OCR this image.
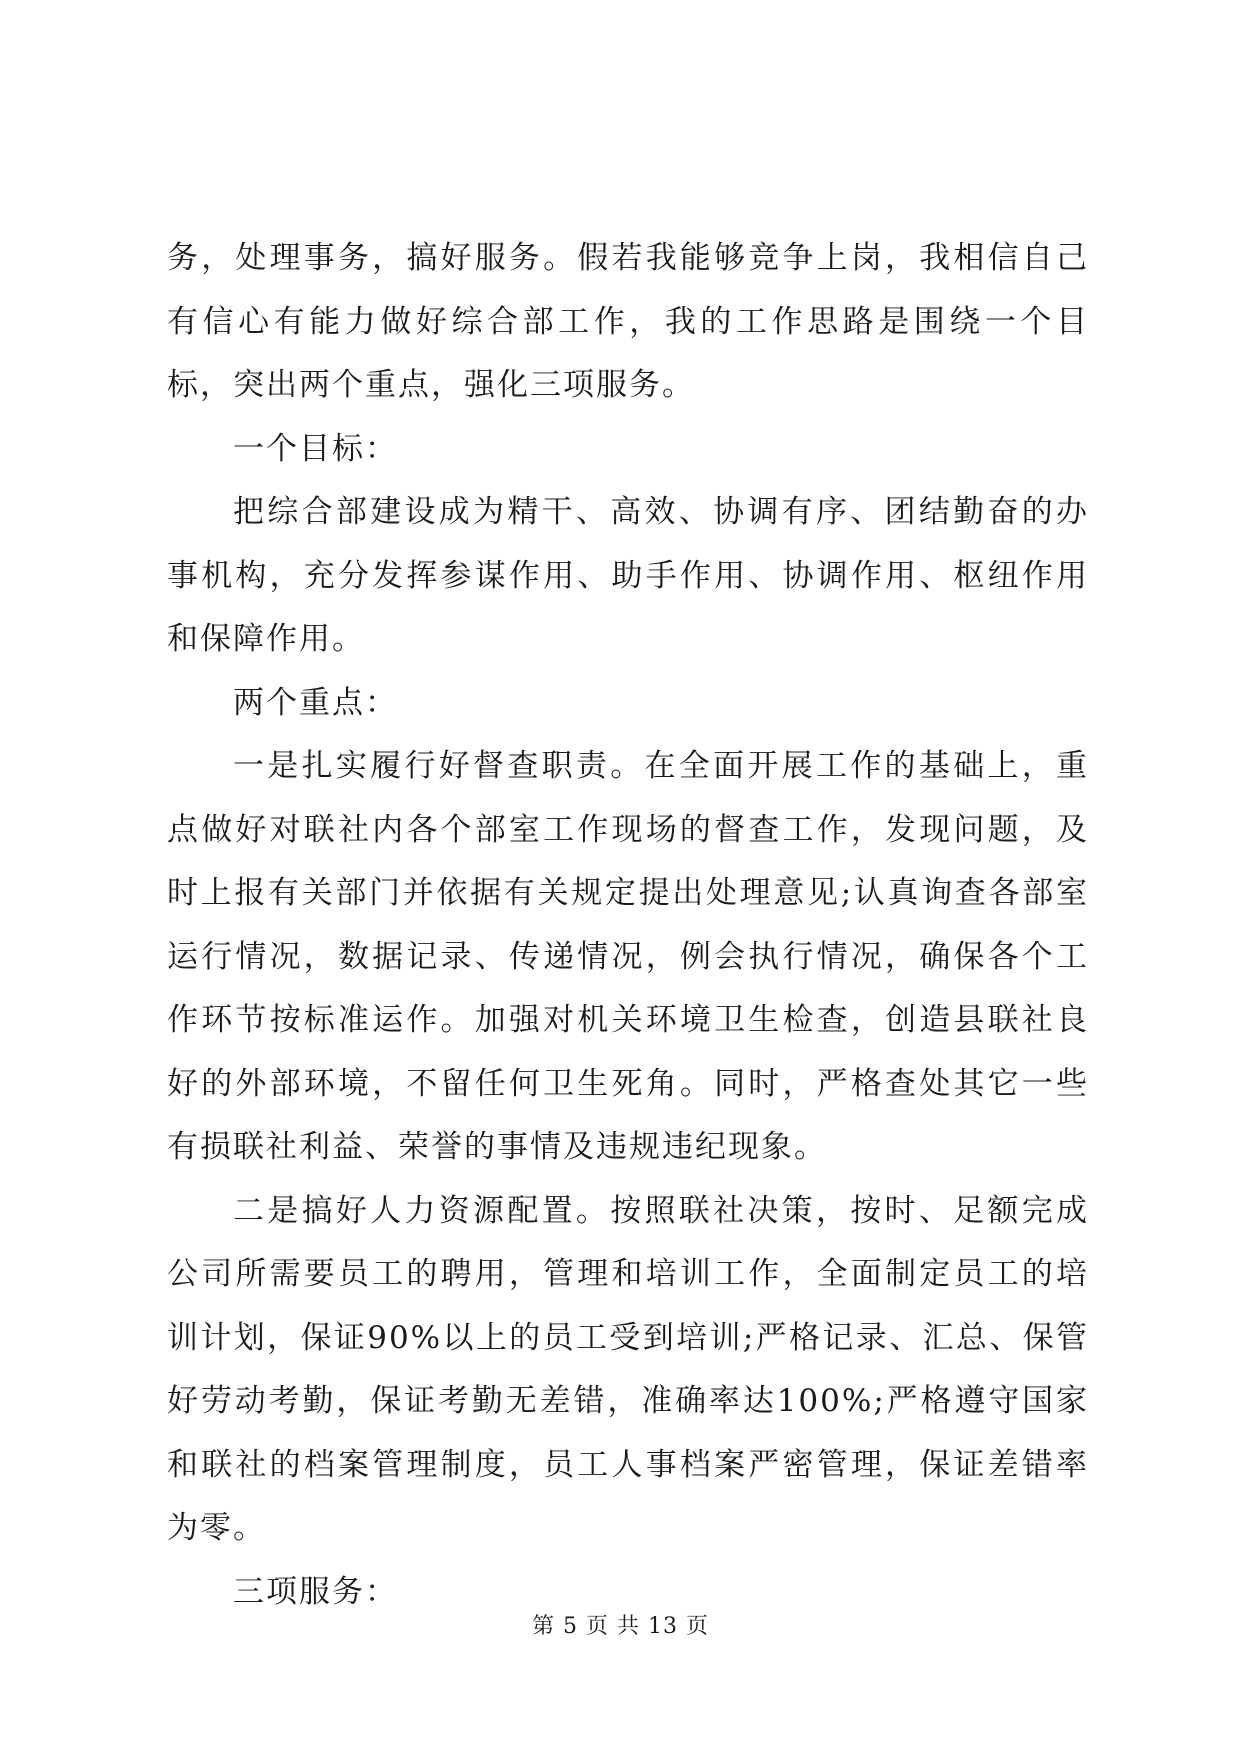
务，处理事务，搞好服务。假若我能够竞争上岗，我相信自己有信心有能力做好综合部工作，我的工作思路是围绕一个目标，突出两个重点，强化三项服务。

一个目标：

把综合部建设成为精干、高效、协调有序、团结勤奋的办事机构，充分发挥参谋作用、助手作用、协调作用、枢纽作用和保障作用。

两个重点：

一是扎实履行好督查职责。在全面开展工作的基础上，重点做好对联社内各个部室工作现场的督查工作，发现问题，及时上报有关部门并依据有关规定提出处理意见;认真询查各部室运行情况，数据记录、传递情况，例会执行情况，确保各个工作环节按标准运作。加强对机关环境卫生检查，创造县联社良好的外部环境，不留任何卫生死角。同时，严格查处其它一些有损联社利益、荣誉的事情及违规违纪现象。

二是搞好人力资源配置。按照联社决策，按时、足额完成公司所需要员工的聘用，管理和培训工作，全面制定员工的培训计划，保证90%以上的员工受到培训;严格记录、汇总、保管好劳动考勤，保证考勤无差错，准确率达100%;严格遵守国家和联社的档案管理制度，员工人事档案严密管理，保证差错率为零。

三项服务：

第 5 页 共 13 页
